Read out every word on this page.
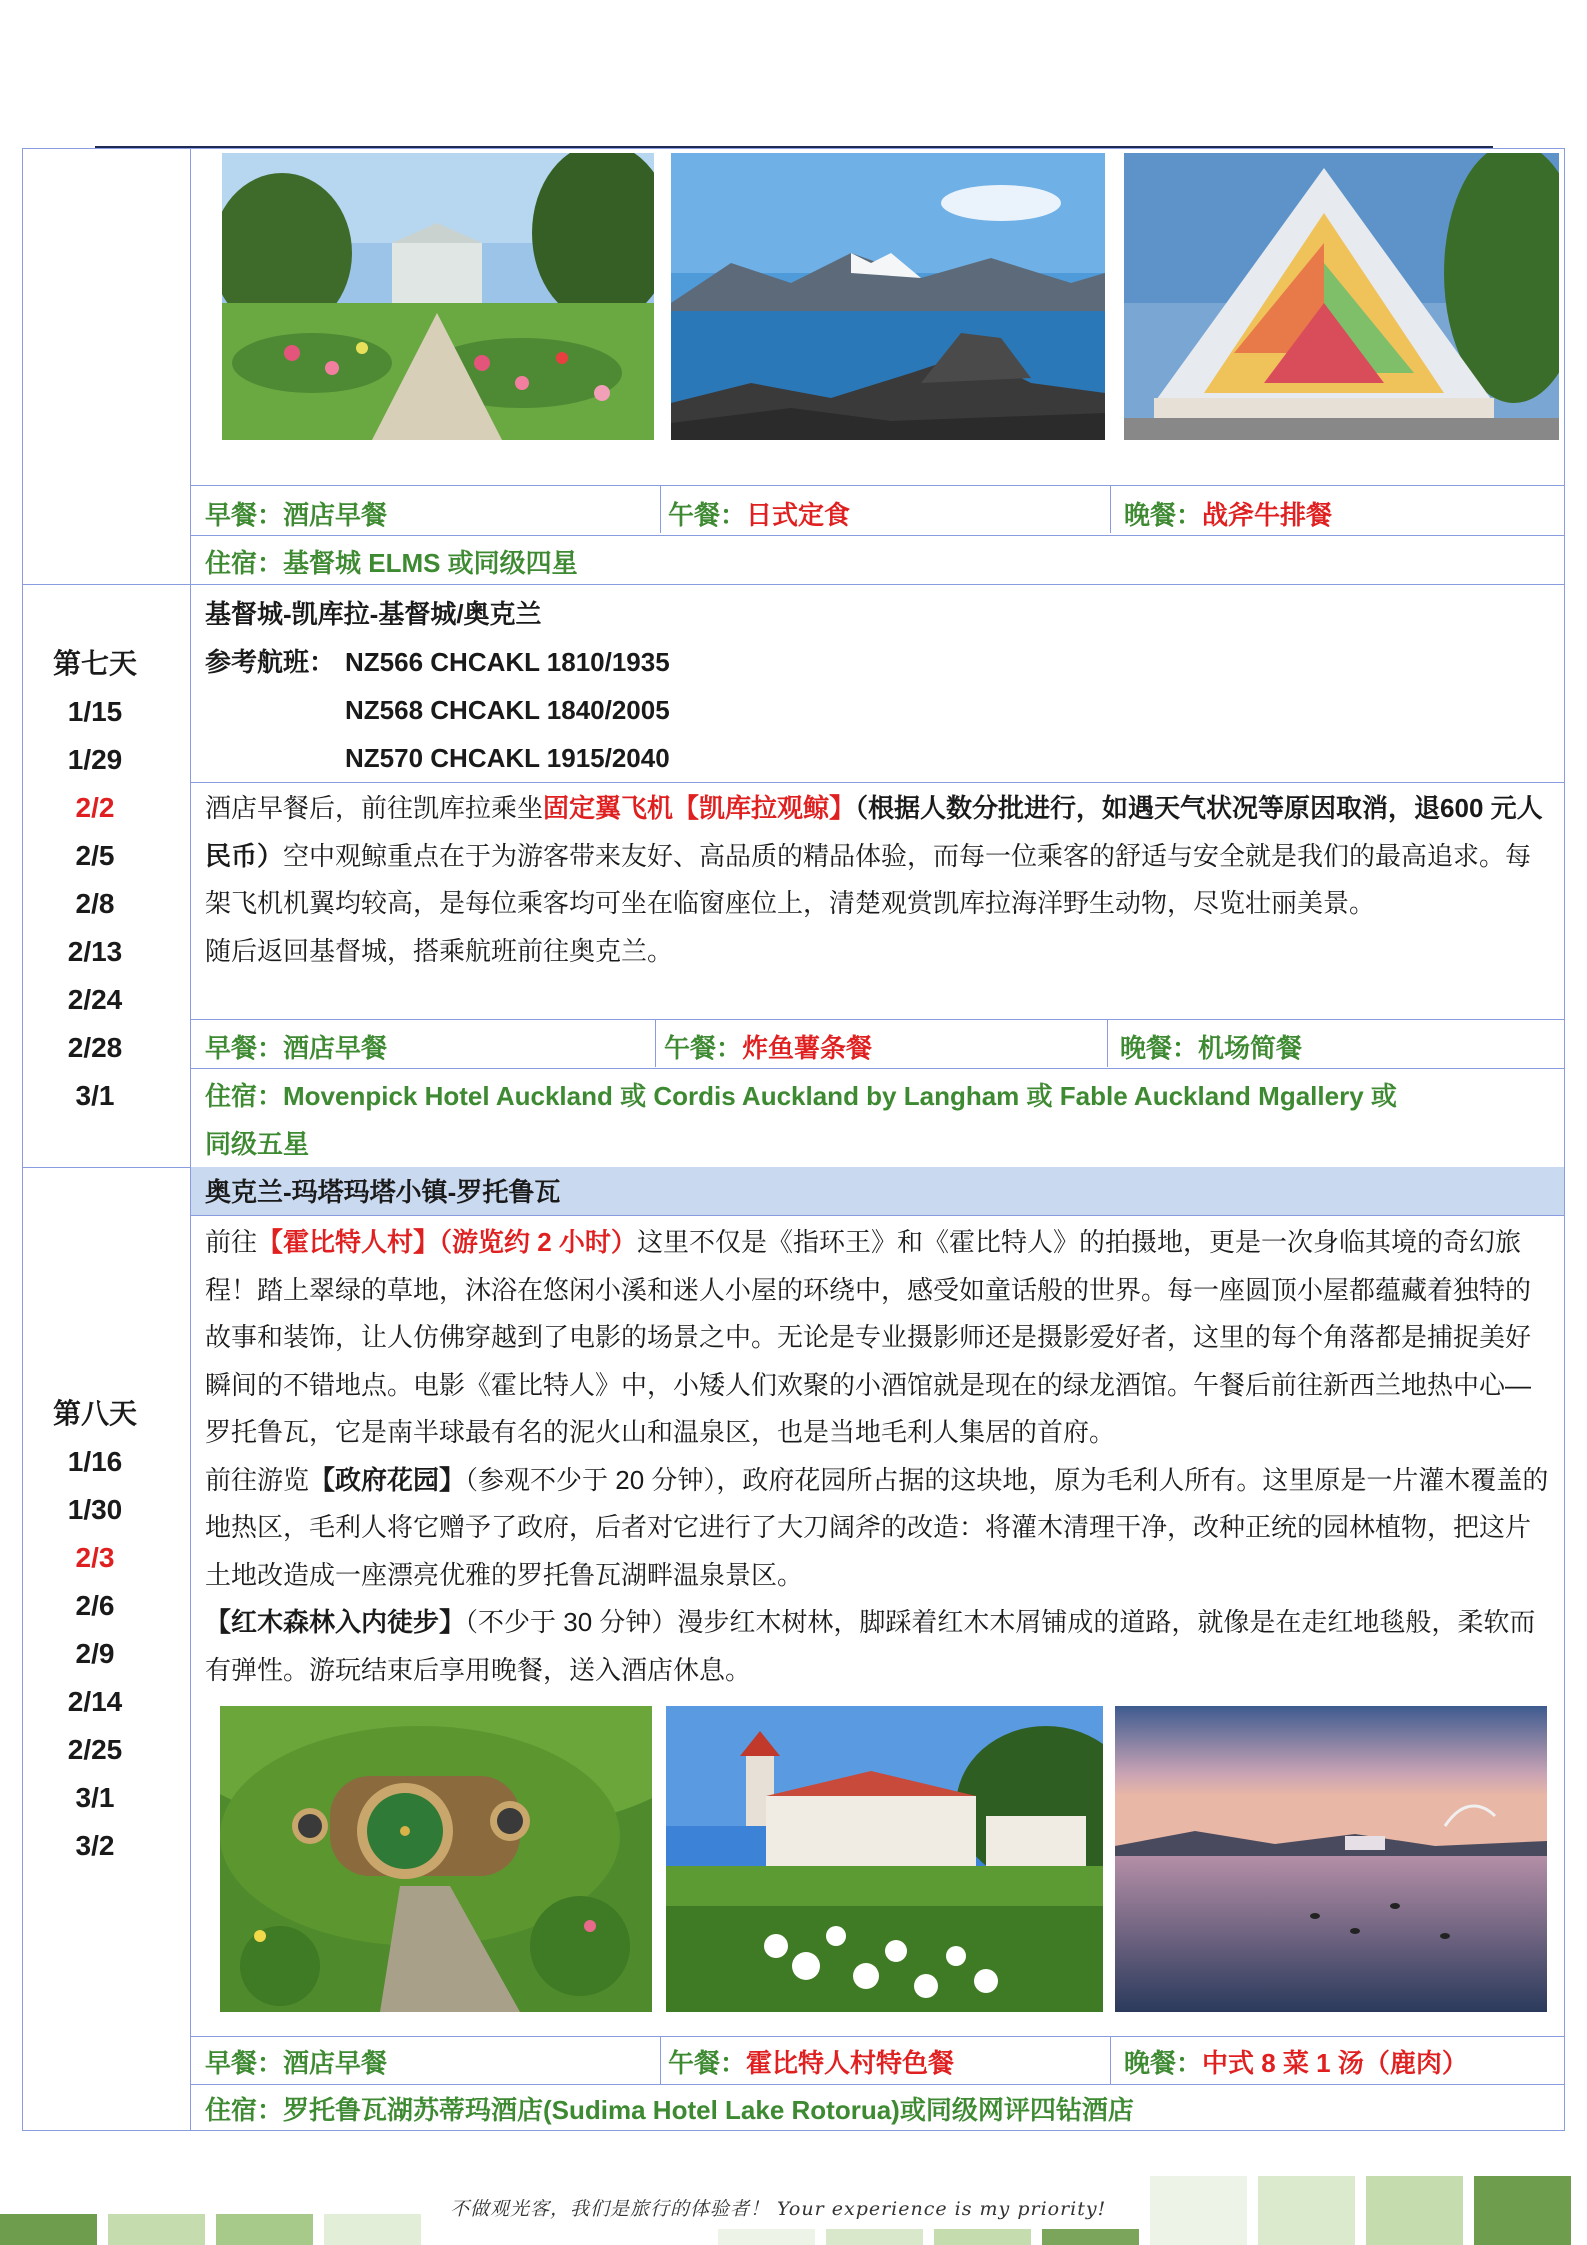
早餐：酒店早餐	午餐：日式定食	晚餐：战斧牛排餐
住宿：基督城 ELMS 或同级四星
第七天
1/15
1/29
2/2
2/5
2/8
2/13
2/24
2/28
3/1
基督城-凯库拉-基督城/奥克兰
参考航班： NZ566 CHCAKL 1810/1935
NZ568 CHCAKL 1840/2005
NZ570 CHCAKL 1915/2040
酒店早餐后，前往凯库拉乘坐固定翼飞机【凯库拉观鲸】（根据人数分批进行，如遇天气状况等原因取消，退600 元人民币）空中观鲸重点在于为游客带来友好、高品质的精品体验，而每一位乘客的舒适与安全就是我们的最高追求。每架飞机机翼均较高，是每位乘客均可坐在临窗座位上，清楚观赏凯库拉海洋野生动物，尽览壮丽美景。
随后返回基督城，搭乘航班前往奥克兰。
早餐：酒店早餐	午餐：炸鱼薯条餐	晚餐：机场简餐
住宿：Movenpick Hotel Auckland 或 Cordis Auckland by Langham 或 Fable Auckland Mgallery 或
同级五星
奥克兰-玛塔玛塔小镇-罗托鲁瓦
第八天
1/16
1/30
2/3
2/6
2/9
2/14
2/25
3/1
3/2
前往【霍比特人村】（游览约 2 小时）这里不仅是《指环王》和《霍比特人》的拍摄地，更是一次身临其境的奇幻旅程！踏上翠绿的草地，沐浴在悠闲小溪和迷人小屋的环绕中，感受如童话般的世界。每一座圆顶小屋都蕴藏着独特的故事和装饰，让人仿佛穿越到了电影的场景之中。无论是专业摄影师还是摄影爱好者，这里的每个角落都是捕捉美好瞬间的不错地点。电影《霍比特人》中，小矮人们欢聚的小酒馆就是现在的绿龙酒馆。午餐后前往新西兰地热中心—罗托鲁瓦，它是南半球最有名的泥火山和温泉区，也是当地毛利人集居的首府。
前往游览【政府花园】（参观不少于 20 分钟），政府花园所占据的这块地，原为毛利人所有。这里原是一片灌木覆盖的地热区，毛利人将它赠予了政府，后者对它进行了大刀阔斧的改造：将灌木清理干净，改种正统的园林植物，把这片土地改造成一座漂亮优雅的罗托鲁瓦湖畔温泉景区。
【红木森林入内徒步】（不少于 30 分钟）漫步红木树林，脚踩着红木木屑铺成的道路，就像是在走红地毯般，柔软而有弹性。游玩结束后享用晚餐，送入酒店休息。
早餐：酒店早餐	午餐：霍比特人村特色餐	晚餐：中式 8 菜 1 汤（鹿肉）
住宿：罗托鲁瓦湖苏蒂玛酒店(Sudima Hotel Lake Rotorua)或同级网评四钻酒店
不做观光客，我们是旅行的体验者！ Your experience is my priority!
